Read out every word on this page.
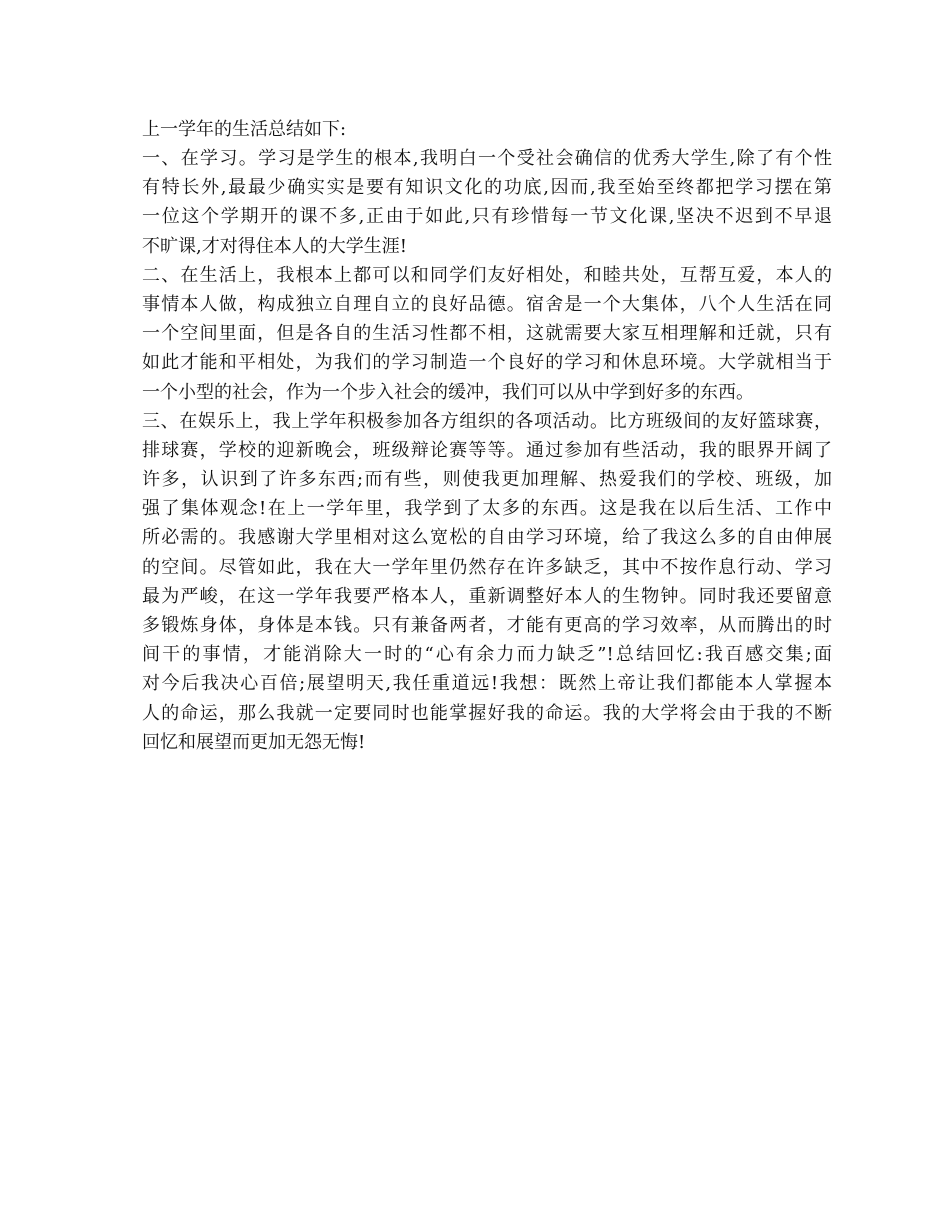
上一学年的生活总结如下:
一、在学习。学习是学生的根本,我明白一个受社会确信的优秀大学生,除了有个性
有特长外,最最少确实实是要有知识文化的功底,因而,我至始至终都把学习摆在第
一位这个学期开的课不多,正由于如此,只有珍惜每一节文化课,坚决不迟到不早退
不旷课,才对得住本人的大学生涯!
二、在生活上，我根本上都可以和同学们友好相处，和睦共处，互帮互爱，本人的
事情本人做，构成独立自理自立的良好品德。宿舍是一个大集体，八个人生活在同
一个空间里面，但是各自的生活习性都不相，这就需要大家互相理解和迁就，只有
如此才能和平相处，为我们的学习制造一个良好的学习和休息环境。大学就相当于
一个小型的社会，作为一个步入社会的缓冲，我们可以从中学到好多的东西。
三、在娱乐上，我上学年积极参加各方组织的各项活动。比方班级间的友好篮球赛，
排球赛，学校的迎新晚会，班级辩论赛等等。通过参加有些活动，我的眼界开阔了
许多，认识到了许多东西;而有些，则使我更加理解、热爱我们的学校、班级，加
强了集体观念!在上一学年里，我学到了太多的东西。这是我在以后生活、工作中
所必需的。我感谢大学里相对这么宽松的自由学习环境，给了我这么多的自由伸展
的空间。尽管如此，我在大一学年里仍然存在许多缺乏，其中不按作息行动、学习
最为严峻，在这一学年我要严格本人，重新调整好本人的生物钟。同时我还要留意
多锻炼身体，身体是本钱。只有兼备两者，才能有更高的学习效率，从而腾出的时
间干的事情，才能消除大一时的“心有余力而力缺乏”!总结回忆:我百感交集;面
对今后我决心百倍;展望明天,我任重道远!我想：既然上帝让我们都能本人掌握本
人的命运，那么我就一定要同时也能掌握好我的命运。我的大学将会由于我的不断
回忆和展望而更加无怨无悔!
